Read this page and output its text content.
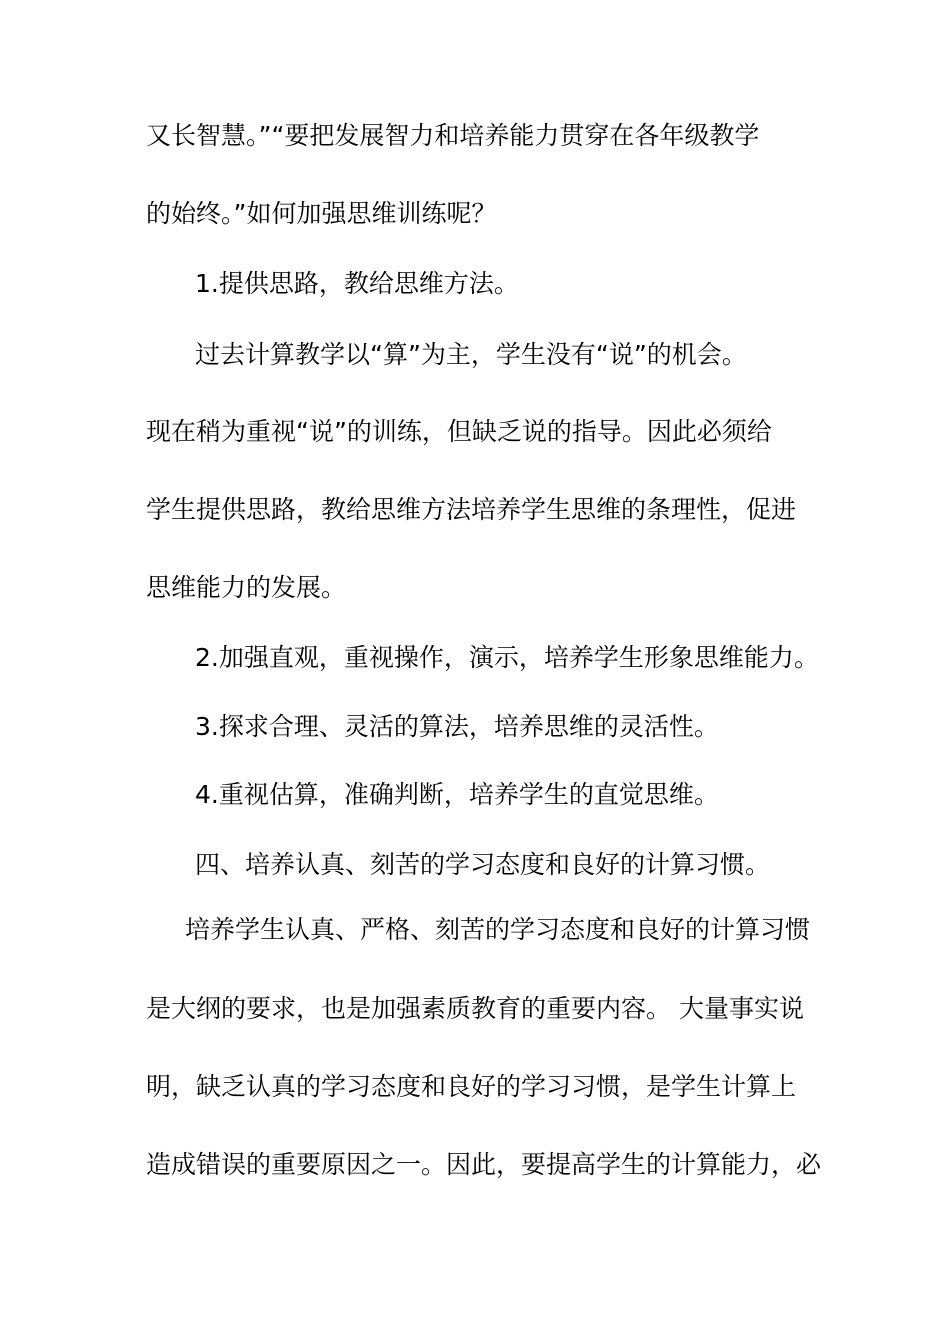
又长智慧。”“要把发展智力和培养能力贯穿在各年级教学
的始终。”如何加强思维训练呢？
1.提供思路，教给思维方法。
过去计算教学以“算”为主，学生没有“说”的机会。
现在稍为重视“说”的训练，但缺乏说的指导。因此必须给
学生提供思路，教给思维方法培养学生思维的条理性，促进
思维能力的发展。
2.加强直观，重视操作，演示，培养学生形象思维能力。
3.探求合理、灵活的算法，培养思维的灵活性。
4.重视估算，准确判断，培养学生的直觉思维。
四、培养认真、刻苦的学习态度和良好的计算习惯。
培养学生认真、严格、刻苦的学习态度和良好的计算习惯
是大纲的要求，也是加强素质教育的重要内容。 大量事实说
明，缺乏认真的学习态度和良好的学习习惯，是学生计算上
造成错误的重要原因之一。因此，要提高学生的计算能力，必
